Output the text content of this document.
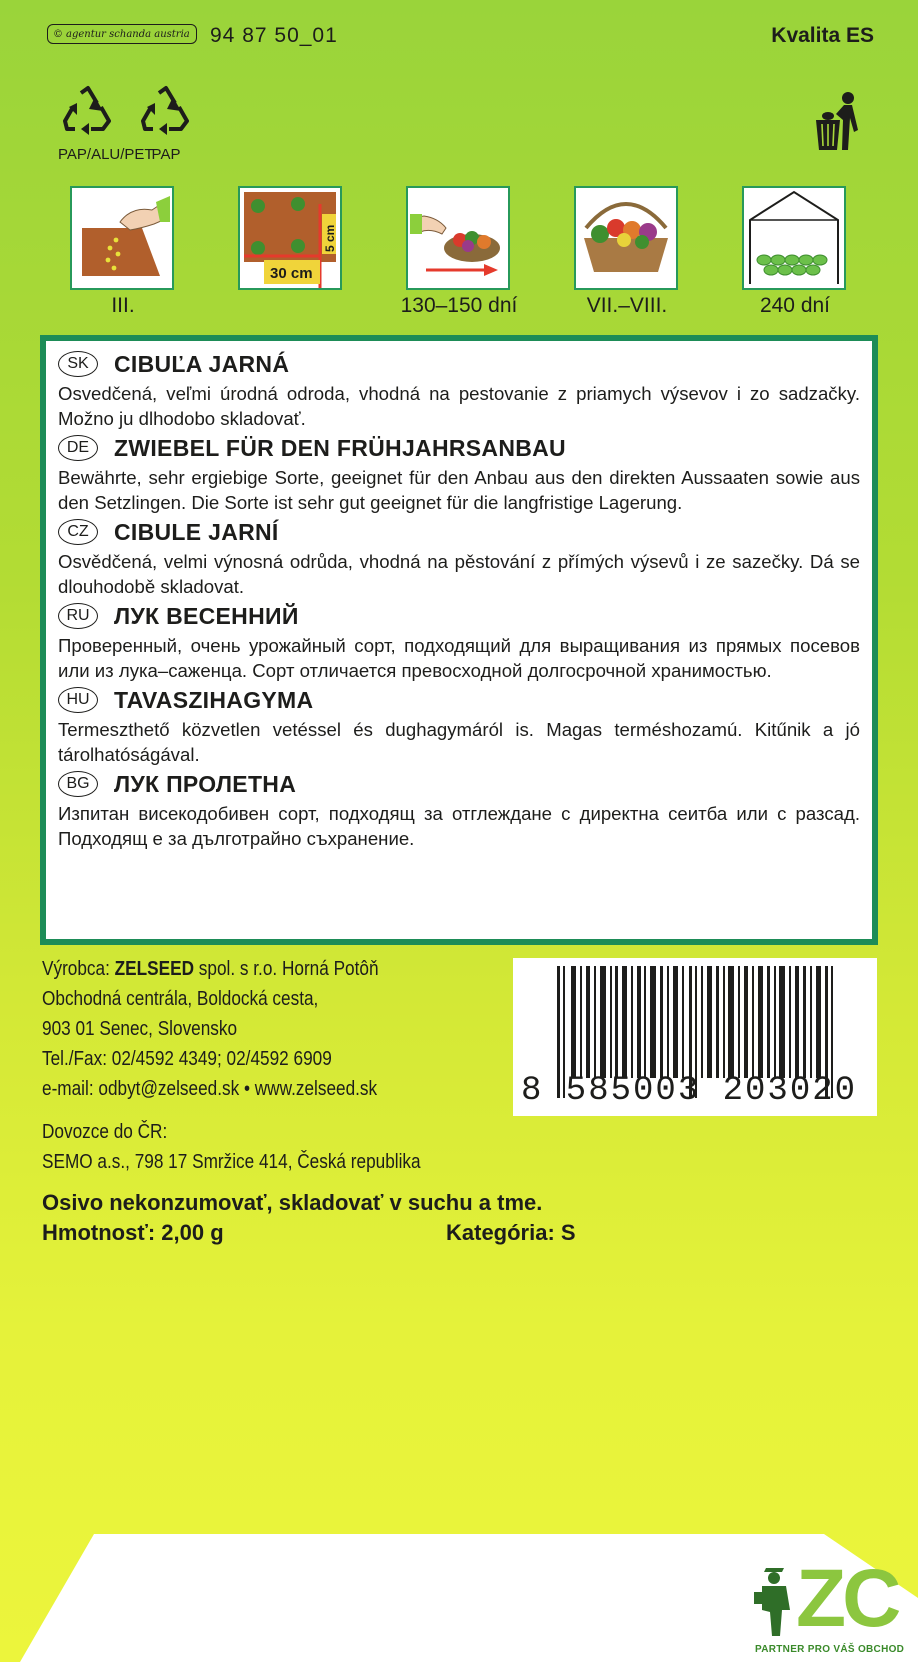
© agentur schanda austria 94 87 50_01	Kvalita ES
PAP/ALU/PET
PAP
30 cm
5 cm
III.	130–150 dní	VII.–VIII.	240 dní
SK	CIBUĽA JARNÁ
Osvedčená, veľmi úrodná odroda, vhodná na pestovanie z priamych výsevov i zo sadzačky. Možno ju dlhodobo skladovať.
DE	ZWIEBEL FÜR DEN FRÜHJAHRSANBAU
Bewährte, sehr ergiebige Sorte, geeignet für den Anbau aus den direkten Aussaaten sowie aus den Setzlingen. Die Sorte ist sehr gut geeignet für die langfristige Lagerung.
CZ	CIBULE JARNÍ
Osvědčená, velmi výnosná odrůda, vhodná na pěstování z přímých výsevů i ze sazečky. Dá se dlouhodobě skladovat.
RU	ЛУК ВЕСЕННИЙ
Проверенный, очень урожайный сорт, подходящий для выращивания из прямых посевов или из лука–саженца. Сорт отличается превосходной долгосрочной хранимостью.
HU	TAVASZIHAGYMA
Termeszthető közvetlen vetéssel és dughagymáról is. Magas terméshozamú. Kitűnik a jó tárolhatóságával.
BG	ЛУК ПРОЛЕТНА
Изпитан висекодобивен сорт, подходящ за отглеждане с директна сеитба или с разсад. Подходящ е за дълготрайно съхранение.
Výrobca: ZELSEED spol. s r.o. Horná Potôň
Obchodná centrála, Boldocká cesta,
903 01 Senec, Slovensko
Tel./Fax: 02/4592 4349; 02/4592 6909
e-mail: odbyt@zelseed.sk • www.zelseed.sk
Dovozce do ČR:
SEMO a.s., 798 17 Smržice 414, Česká republika
8 585003 203020
Osivo nekonzumovať, skladovať v suchu a tme.
Hmotnosť: 2,00 g	Kategória: S
ZC
PARTNER PRO VÁŠ OBCHOD
